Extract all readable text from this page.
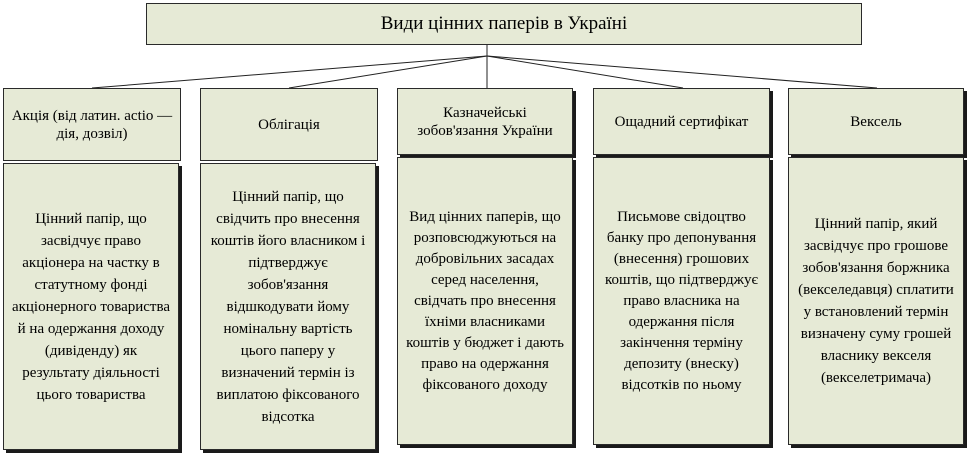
Види цінних паперів в Україні
Акція (від латин. actio — дія, дозвіл)
Цінний папір, що засвідчує право акціонера на частку в статутному фонді акціонерного товариства й на одержання доходу (дивіденду) як результату діяльності цього товариства
Облігація
Цінний папір, що свідчить про внесення коштів його власником і підтверджує зобов'язання відшкодувати йому номінальну вартість цього паперу у визначений термін із виплатою фіксованого відсотка
Казначейські зобов'язання України
Вид цінних паперів, що розповсюджуються на добровільних засадах серед населення, свідчать про внесення їхніми власниками коштів у бюджет і дають право на одержання фіксованого доходу
Ощадний сертифікат
Письмове свідоцтво банку про депонування (внесення) грошових коштів, що підтверджує право власника на одержання після закінчення терміну депозиту (внеску) відсотків по ньому
Вексель
Цінний папір, який засвідчує про грошове зобов'язання боржника (векселедавця) сплатити у встановлений термін визначену суму грошей власнику векселя (векселетримача)
